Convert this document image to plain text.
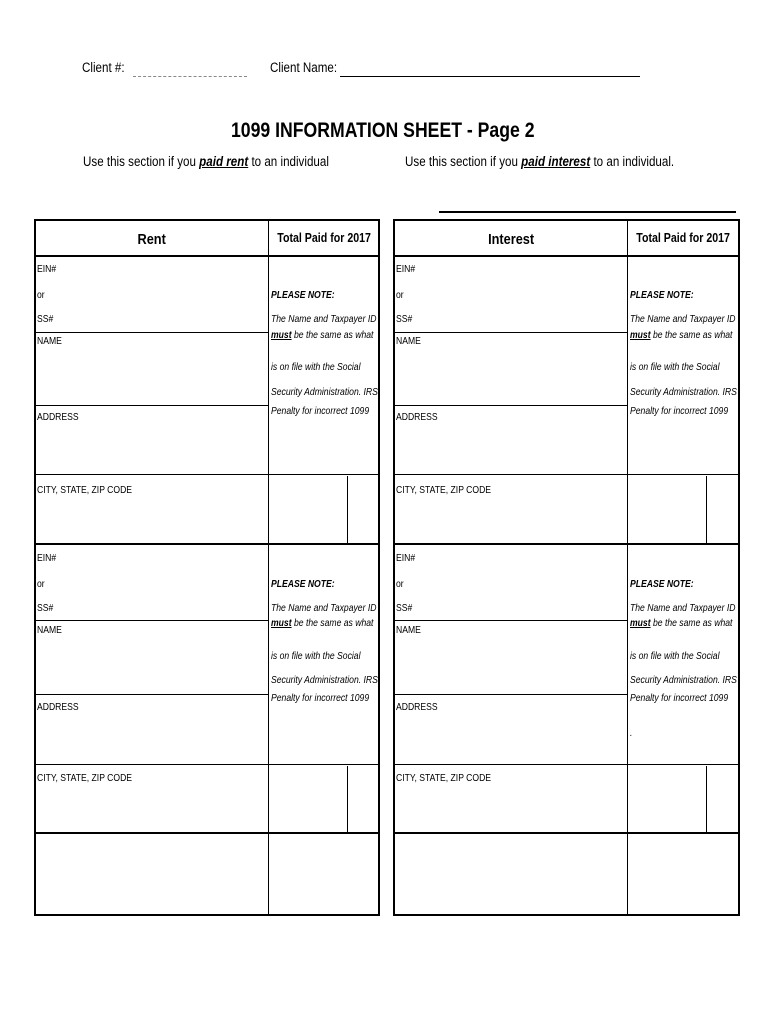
Client #:	Client Name:
1099 INFORMATION SHEET - Page 2
Use this section if you paid rent to an individual	Use this section if you paid interest to an individual.
Rent	Total Paid for 2017
EIN#
or
SS#
NAME
ADDRESS
CITY, STATE, ZIP CODE
PLEASE NOTE:
The Name and Taxpayer ID
must be the same as what
is on file with the Social
Security Administration. IRS
Penalty for incorrect 1099
EIN#
or
SS#
NAME
ADDRESS
CITY, STATE, ZIP CODE
PLEASE NOTE:
The Name and Taxpayer ID
must be the same as what
is on file with the Social
Security Administration. IRS
Penalty for incorrect 1099
Interest	Total Paid for 2017
EIN#
or
SS#
NAME
ADDRESS
CITY, STATE, ZIP CODE
PLEASE NOTE:
The Name and Taxpayer ID
must be the same as what
is on file with the Social
Security Administration. IRS
Penalty for incorrect 1099
EIN#
or
SS#
NAME
ADDRESS
CITY, STATE, ZIP CODE
PLEASE NOTE:
The Name and Taxpayer ID
must be the same as what
is on file with the Social
Security Administration. IRS
Penalty for incorrect 1099
.
